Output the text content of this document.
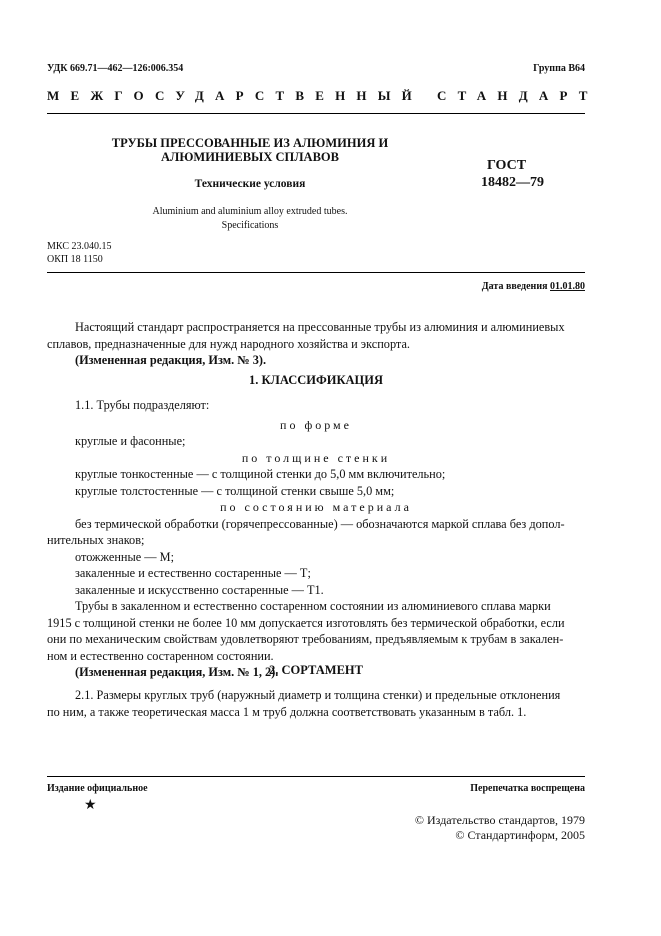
УДК 669.71—462—126:006.354	Группа В64
МЕЖГОСУДАРСТВЕННЫЙ СТАНДАРТ
ТРУБЫ ПРЕССОВАННЫЕ ИЗ АЛЮМИНИЯ И
АЛЮМИНИЕВЫХ СПЛАВОВ
Технические условия
Aluminium and aluminium alloy extruded tubes.
Specifications
ГОСТ
18482—79
МКС 23.040.15
ОКП 18 1150
Дата введения 01.01.80
Настоящий стандарт распространяется на прессованные трубы из алюминия и алюминиевых
сплавов, предназначенные для нужд народного хозяйства и экспорта.
(Измененная редакция, Изм. № 3).
1. КЛАССИФИКАЦИЯ
1.1. Трубы подразделяют:
по форме
круглые и фасонные;
по толщине стенки
круглые тонкостенные — с толщиной стенки до 5,0 мм включительно;
круглые толстостенные — с толщиной стенки свыше 5,0 мм;
по состоянию материала
без термической обработки (горячепрессованные) — обозначаются маркой сплава без допол-
нительных знаков;
отожженные — М;
закаленные и естественно состаренные — Т;
закаленные и искусственно состаренные — Т1.
Трубы в закаленном и естественно состаренном состоянии из алюминиевого сплава марки
1915 с толщиной стенки не более 10 мм допускается изготовлять без термической обработки, если
они по механическим свойствам удовлетворяют требованиям, предъявляемым к трубам в закален-
ном и естественно состаренном состоянии.
(Измененная редакция, Изм. № 1, 2).
2. СОРТАМЕНТ
2.1. Размеры круглых труб (наружный диаметр и толщина стенки) и предельные отклонения
по ним, а также теоретическая масса 1 м труб должна соответствовать указанным в табл. 1.
Издание официальное	Перепечатка воспрещена
★
© Издательство стандартов, 1979
© Стандартинформ, 2005
